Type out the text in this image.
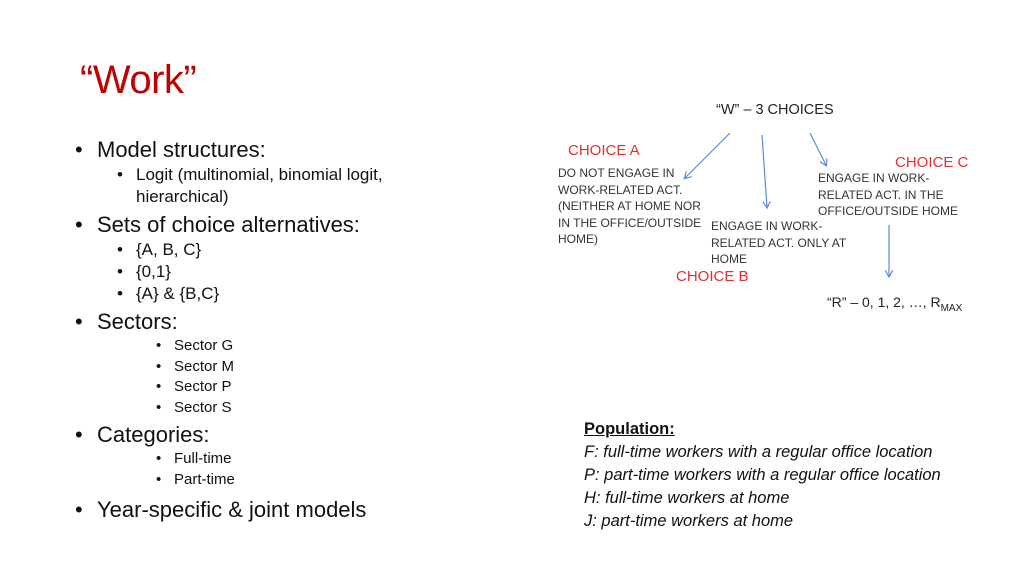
“Work”
• Model structures:
• Logit (multinomial, binomial logit,
hierarchical)
• Sets of choice alternatives:
• {A, B, C}
• {0,1}
• {A} & {B,C}
• Sectors:
• Sector G
• Sector M
• Sector P
• Sector S
• Categories:
• Full-time
• Part-time
• Year-specific & joint models
“W” – 3 CHOICES
CHOICE A
DO NOT ENGAGE IN WORK-RELATED ACT. (NEITHER AT HOME NOR IN THE OFFICE/OUTSIDE HOME)
CHOICE C
ENGAGE IN WORK-RELATED ACT. IN THE OFFICE/OUTSIDE HOME
ENGAGE IN WORK-RELATED ACT. ONLY AT HOME
CHOICE B
“R” – 0, 1, 2, …, $R_{MAX}$
Population:
F: full-time workers with a regular office location
P: part-time workers with a regular office location
H: full-time workers at home
J: part-time workers at home
